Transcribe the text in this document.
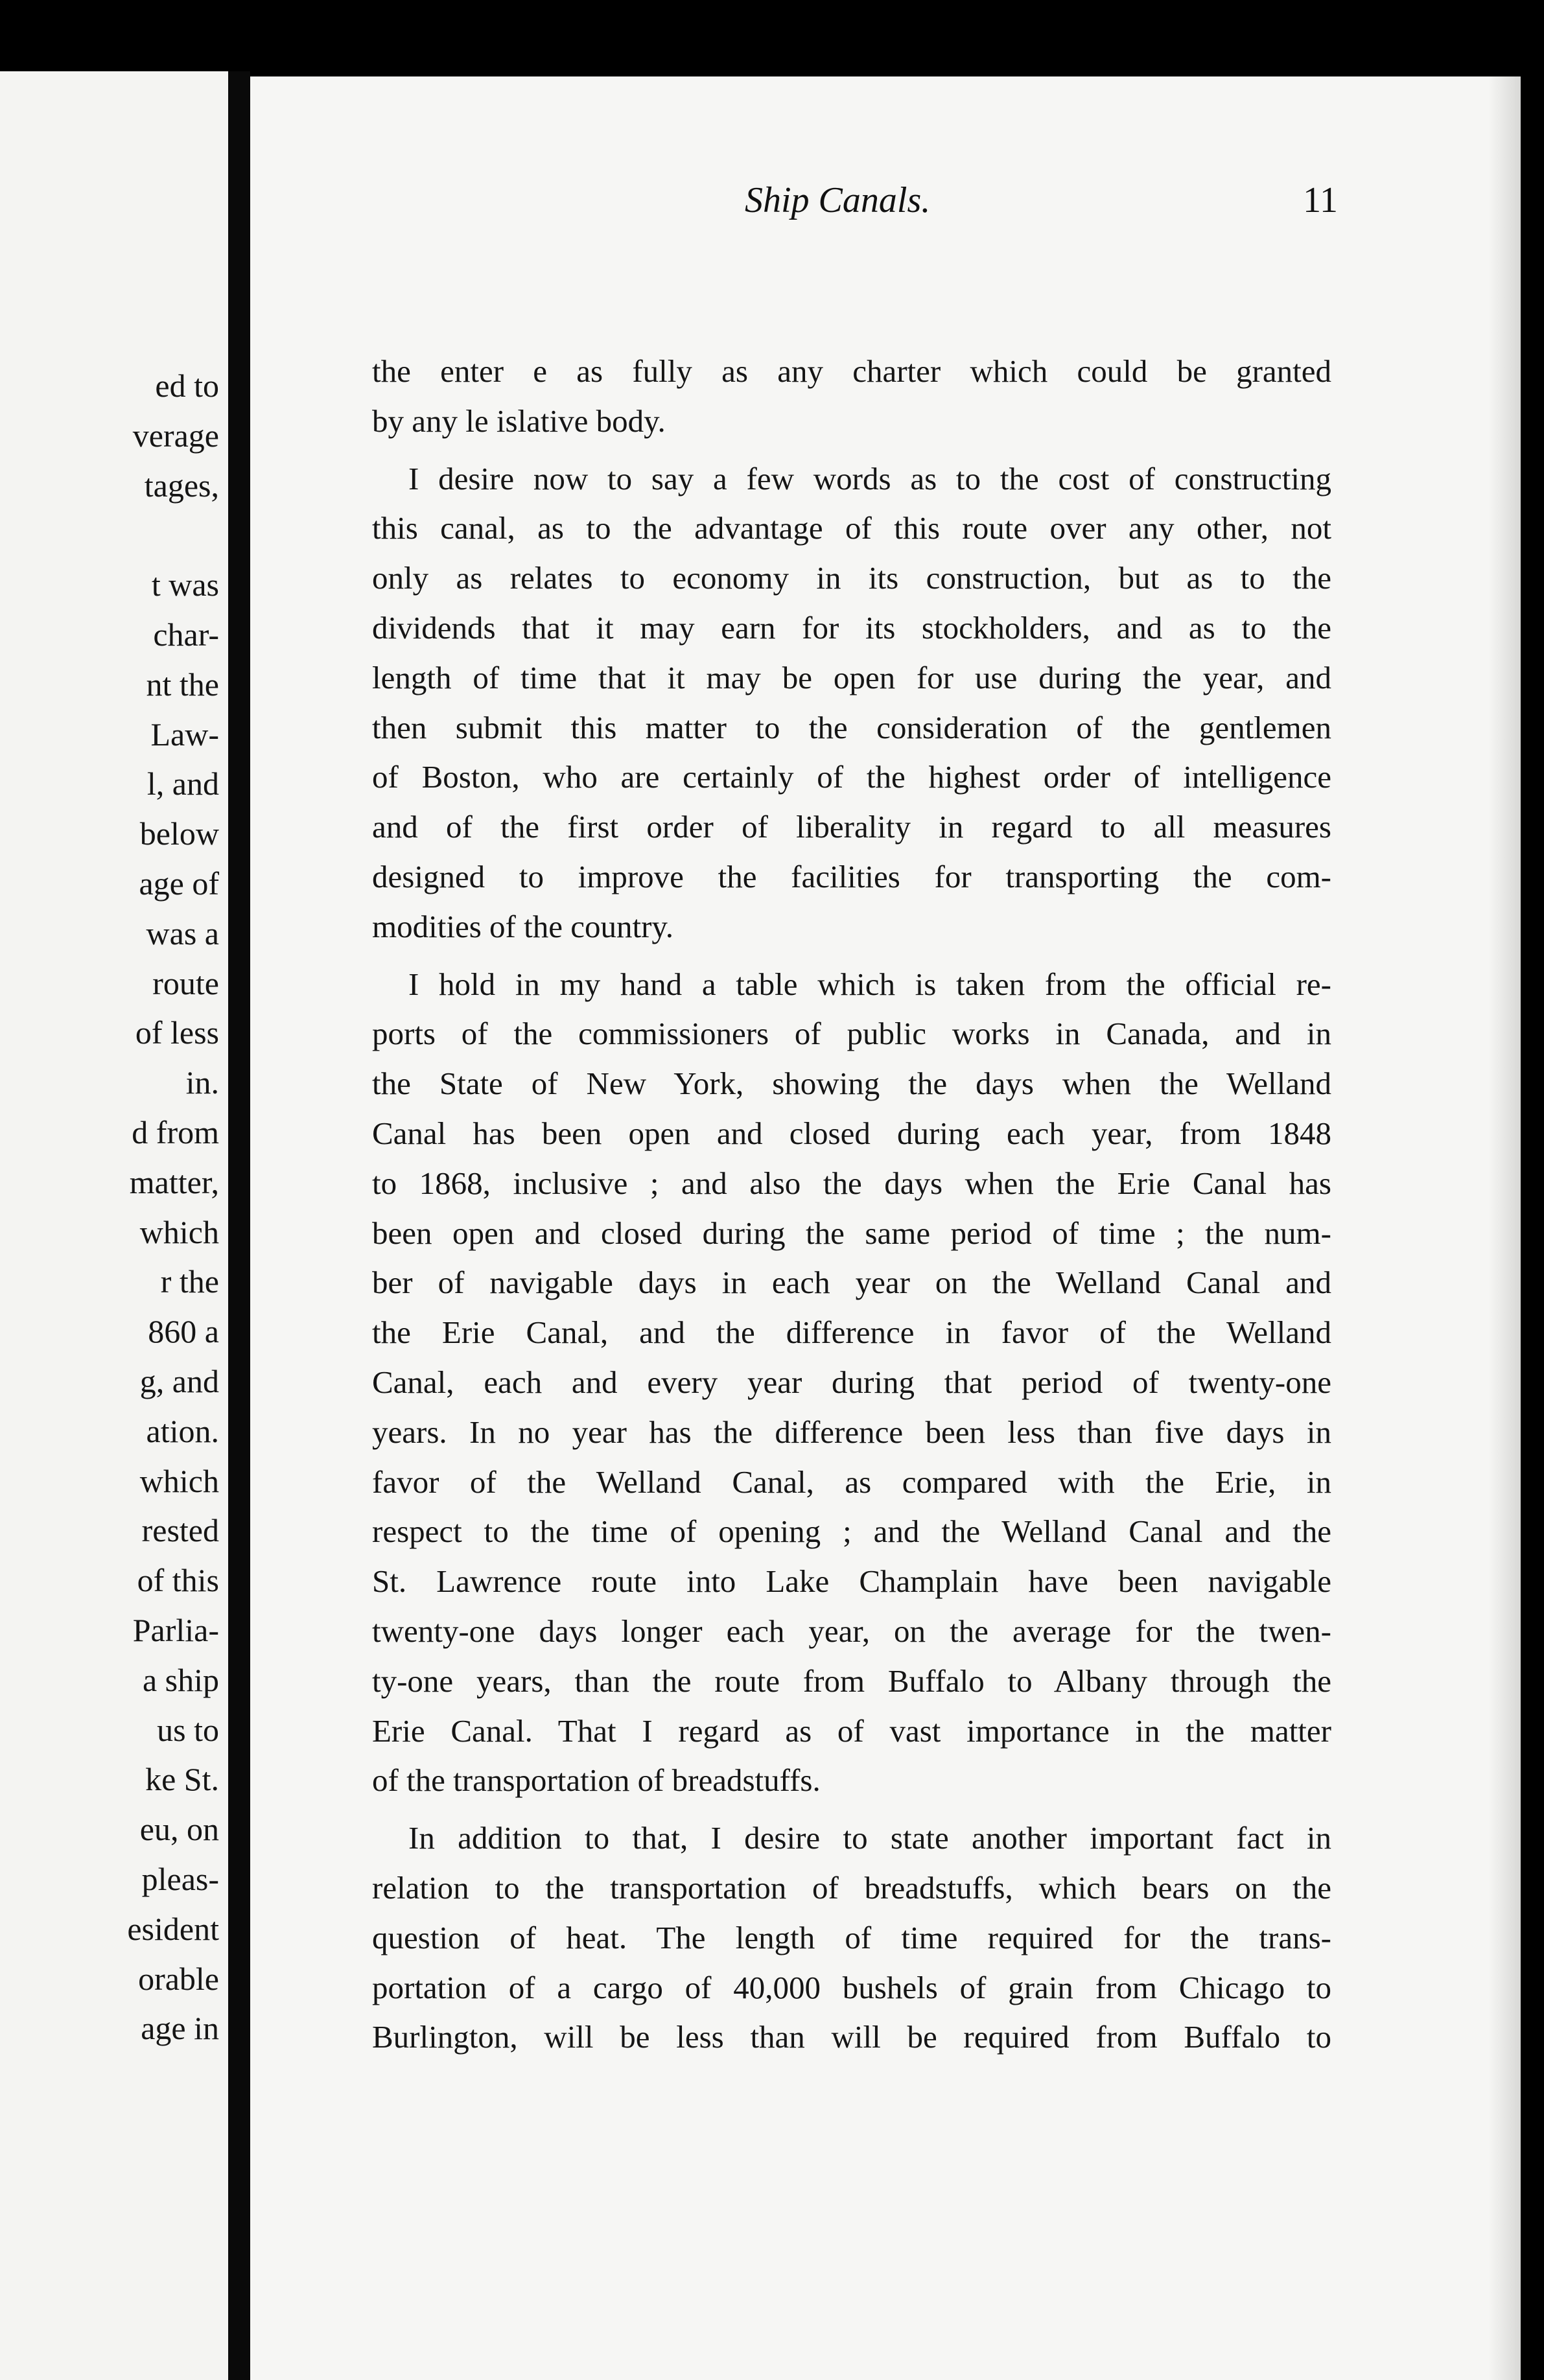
ed to
verage
tages,
t was
char-
nt the
Law-
l, and
below
age of
was a
route
of less
in.
d from
matter,
which
r the
860 a
g, and
ation.
which
rested
of this
Parlia-
a ship
us to
ke St.
eu, on
pleas-
esident
orable
age in
Ship Canals.	11
the enter e as fully as any charter which could be granted
by any le islative body.
I desire now to say a few words as to the cost of constructing
this canal, as to the advantage of this route over any other, not
only as relates to economy in its construction, but as to the
dividends that it may earn for its stockholders, and as to the
length of time that it may be open for use during the year, and
then submit this matter to the consideration of the gentlemen
of Boston, who are certainly of the highest order of intelligence
and of the first order of liberality in regard to all measures
designed to improve the facilities for transporting the com-
modities of the country.
I hold in my hand a table which is taken from the official re-
ports of the commissioners of public works in Canada, and in
the State of New York, showing the days when the Welland
Canal has been open and closed during each year, from 1848
to 1868, inclusive ; and also the days when the Erie Canal has
been open and closed during the same period of time ; the num-
ber of navigable days in each year on the Welland Canal and
the Erie Canal, and the difference in favor of the Welland
Canal, each and every year during that period of twenty-one
years. In no year has the difference been less than five days in
favor of the Welland Canal, as compared with the Erie, in
respect to the time of opening ; and the Welland Canal and the
St. Lawrence route into Lake Champlain have been navigable
twenty-one days longer each year, on the average for the twen-
ty-one years, than the route from Buffalo to Albany through the
Erie Canal. That I regard as of vast importance in the matter
of the transportation of breadstuffs.
In addition to that, I desire to state another important fact in
relation to the transportation of breadstuffs, which bears on the
question of heat. The length of time required for the trans-
portation of a cargo of 40,000 bushels of grain from Chicago to
Burlington, will be less than will be required from Buffalo to
